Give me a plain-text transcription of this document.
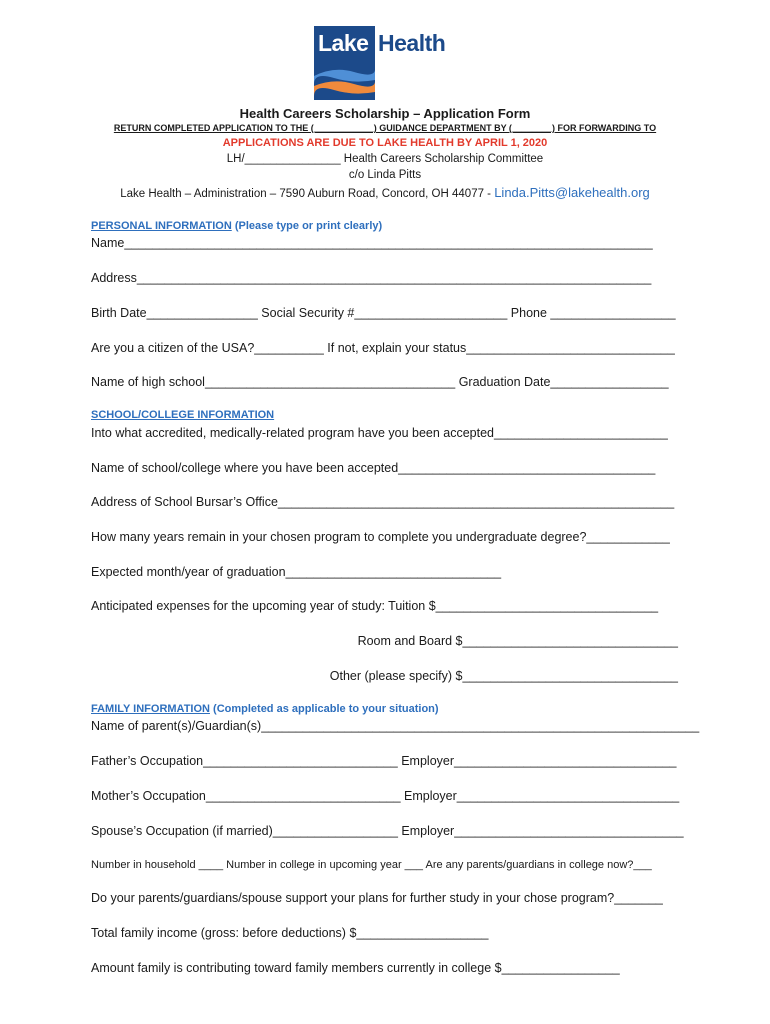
Lake Health
Health Careers Scholarship – Application Form
RETURN COMPLETED APPLICATION TO THE (____________) GUIDANCE DEPARTMENT BY (________) FOR FORWARDING TO
APPLICATIONS ARE DUE TO LAKE HEALTH BY APRIL 1, 2020
LH/_______________ Health Careers Scholarship Committee
c/o Linda Pitts
Lake Health – Administration – 7590 Auburn Road, Concord, OH 44077 - Linda.Pitts@lakehealth.org
PERSONAL INFORMATION (Please type or print clearly)
Name____________________________________________________________________________
Address__________________________________________________________________________
Birth Date________________ Social Security #______________________ Phone __________________
Are you a citizen of the USA?__________ If not, explain your status______________________________
Name of high school____________________________________ Graduation Date_________________
SCHOOL/COLLEGE INFORMATION
Into what accredited, medically-related program have you been accepted_________________________
Name of school/college where you have been accepted_____________________________________
Address of School Bursar’s Office_________________________________________________________
How many years remain in your chosen program to complete you undergraduate degree?____________
Expected month/year of graduation_______________________________
Anticipated expenses for the upcoming year of study: Tuition $________________________________
Room and Board $_______________________________
Other (please specify) $_______________________________
FAMILY INFORMATION (Completed as applicable to your situation)
Name of parent(s)/Guardian(s)_______________________________________________________________
Father’s Occupation____________________________ Employer________________________________
Mother’s Occupation____________________________ Employer________________________________
Spouse’s Occupation (if married)__________________ Employer_________________________________
Number in household ____ Number in college in upcoming year ___ Are any parents/guardians in college now?___
Do your parents/guardians/spouse support your plans for further study in your chose program?_______
Total family income (gross: before deductions) $___________________
Amount family is contributing toward family members currently in college $_________________
